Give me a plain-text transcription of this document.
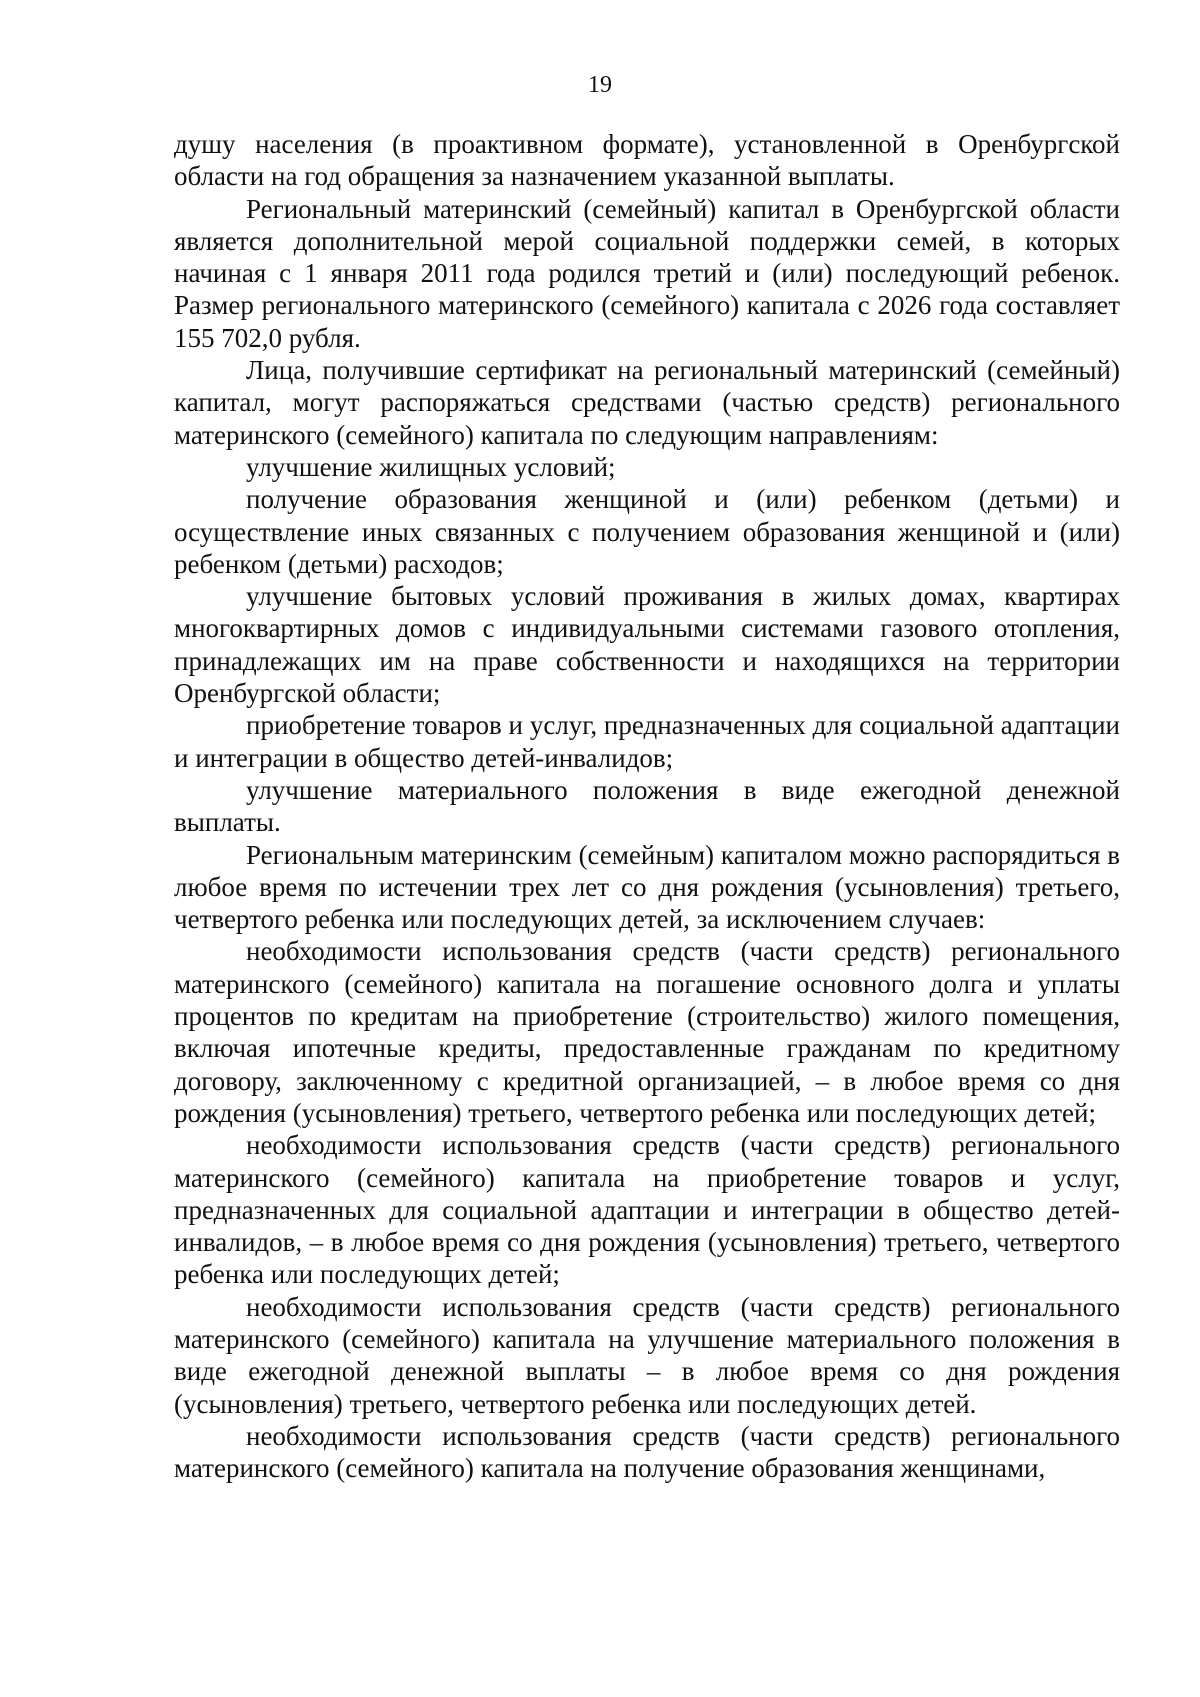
19

душу населения (в проактивном формате), установленной в Оренбургской области на год обращения за назначением указанной выплаты.

Региональный материнский (семейный) капитал в Оренбургской области является дополнительной мерой социальной поддержки семей, в которых начиная с 1 января 2011 года родился третий и (или) последующий ребенок. Размер регионального материнского (семейного) капитала с 2026 года составляет 155 702,0 рубля.

Лица, получившие сертификат на региональный материнский (семейный) капитал, могут распоряжаться средствами (частью средств) регионального материнского (семейного) капитала по следующим направлениям:

улучшение жилищных условий;

получение образования женщиной и (или) ребенком (детьми) и осуществление иных связанных с получением образования женщиной и (или) ребенком (детьми) расходов;

улучшение бытовых условий проживания в жилых домах, квартирах многоквартирных домов с индивидуальными системами газового отопления, принадлежащих им на праве собственности и находящихся на территории Оренбургской области;

приобретение товаров и услуг, предназначенных для социальной адаптации и интеграции в общество детей-инвалидов;

улучшение материального положения в виде ежегодной денежной выплаты.

Региональным материнским (семейным) капиталом можно распорядиться в любое время по истечении трех лет со дня рождения (усыновления) третьего, четвертого ребенка или последующих детей, за исключением случаев:

необходимости использования средств (части средств) регионального материнского (семейного) капитала на погашение основного долга и уплаты процентов по кредитам на приобретение (строительство) жилого помещения, включая ипотечные кредиты, предоставленные гражданам по кредитному договору, заключенному с кредитной организацией, – в любое время со дня рождения (усыновления) третьего, четвертого ребенка или последующих детей;

необходимости использования средств (части средств) регионального материнского (семейного) капитала на приобретение товаров и услуг, предназначенных для социальной адаптации и интеграции в общество детей-инвалидов, – в любое время со дня рождения (усыновления) третьего, четвертого ребенка или последующих детей;

необходимости использования средств (части средств) регионального материнского (семейного) капитала на улучшение материального положения в виде ежегодной денежной выплаты – в любое время со дня рождения (усыновления) третьего, четвертого ребенка или последующих детей.

необходимости использования средств (части средств) регионального материнского (семейного) капитала на получение образования женщинами,
